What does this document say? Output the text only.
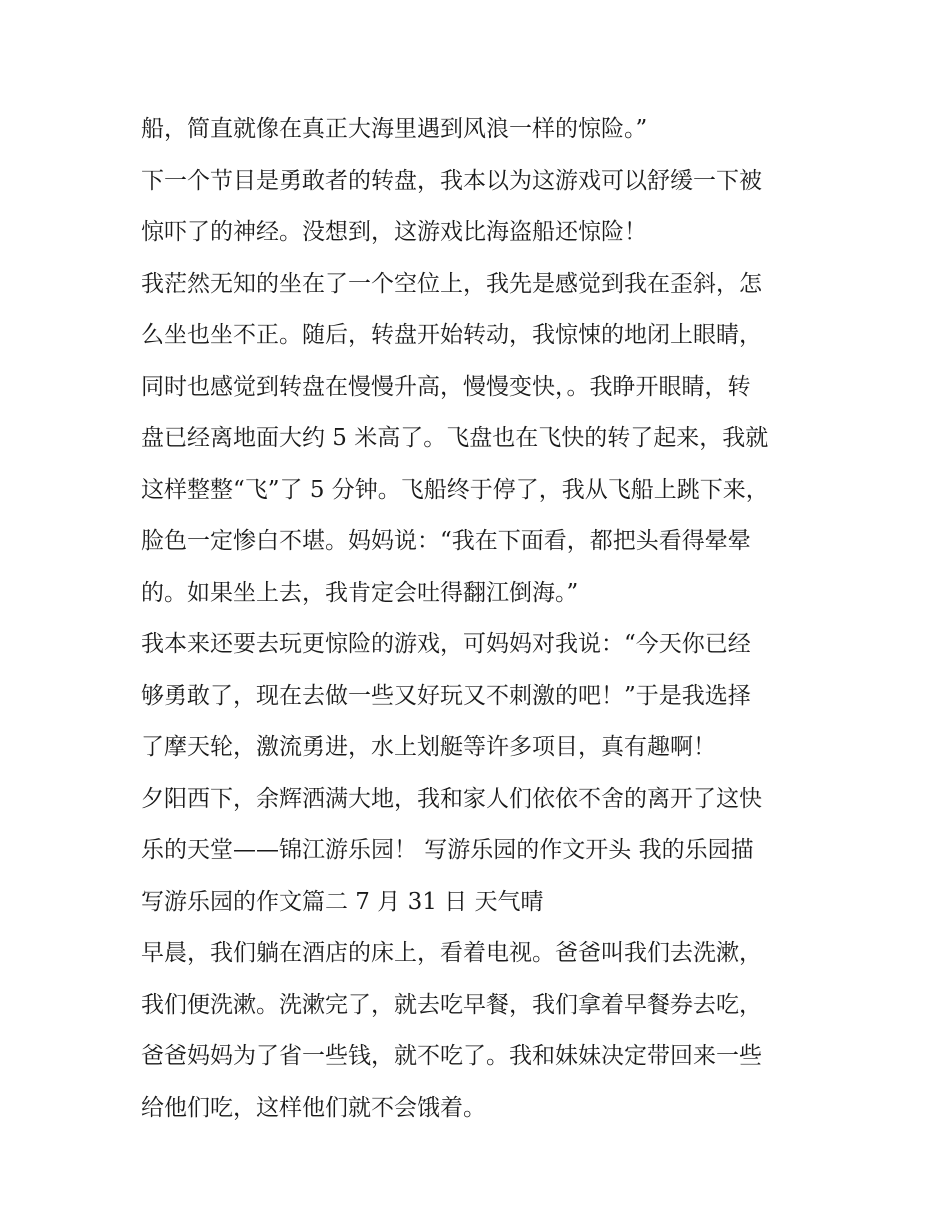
船，简直就像在真正大海里遇到风浪一样的惊险。”
下一个节目是勇敢者的转盘，我本以为这游戏可以舒缓一下被
惊吓了的神经。没想到，这游戏比海盗船还惊险！
我茫然无知的坐在了一个空位上，我先是感觉到我在歪斜，怎
么坐也坐不正。随后，转盘开始转动，我惊悚的地闭上眼睛，
同时也感觉到转盘在慢慢升高，慢慢变快，。我睁开眼睛，转
盘已经离地面大约 5 米高了。飞盘也在飞快的转了起来，我就
这样整整“飞”了 5 分钟。飞船终于停了，我从飞船上跳下来，
脸色一定惨白不堪。妈妈说：“我在下面看，都把头看得晕晕
的。如果坐上去，我肯定会吐得翻江倒海。”
我本来还要去玩更惊险的游戏，可妈妈对我说：“今天你已经
够勇敢了，现在去做一些又好玩又不刺激的吧！”于是我选择
了摩天轮，激流勇进，水上划艇等许多项目，真有趣啊！
夕阳西下，余辉洒满大地，我和家人们依依不舍的离开了这快
乐的天堂——锦江游乐园！ 写游乐园的作文开头 我的乐园描
写游乐园的作文篇二 7 月 31 日 天气晴
早晨，我们躺在酒店的床上，看着电视。爸爸叫我们去洗漱，
我们便洗漱。洗漱完了，就去吃早餐，我们拿着早餐券去吃，
爸爸妈妈为了省一些钱，就不吃了。我和妹妹决定带回来一些
给他们吃，这样他们就不会饿着。
